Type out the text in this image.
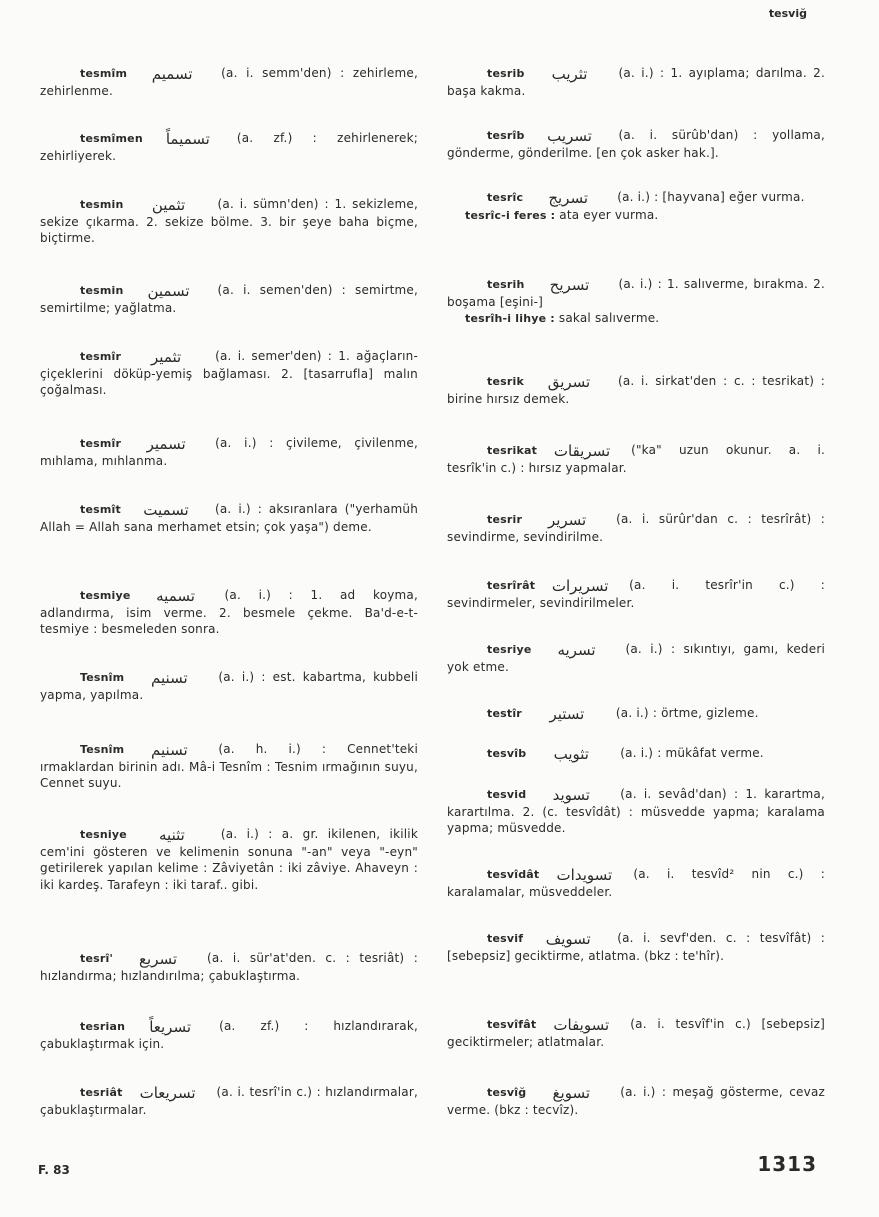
tesviğ
tesmîm تسميم (a. i. semm'den) : zehirleme, zehirlenme.
tesmîmen تسميماً (a. zf.) : zehirlenerek; zehirliyerek.
tesmin تثمين	(a. i. sümn'den) : 1. sekizleme, sekize çıkarma. 2. sekize bölme. 3. bir şeye baha biçme, biçtirme.
tesmin تسمين (a. i. semen'den) : semirtme, semirtilme; yağlatma.
tesmîr تثمير	(a. i. semer'den) : 1. ağaçların-çiçeklerini döküp-yemiş bağlaması. 2. [tasarrufla] malın çoğalması.
tesmîr تسمير (a. i.) : çivileme, çivilenme, mıhlama, mıhlanma.
tesmît تسميت (a. i.) : aksıranlara ("yerhamüh Allah = Allah sana merhamet etsin; çok yaşa") deme.
tesmiye تسميه (a. i.) : 1. ad koyma, adlandırma, isim verme. 2. besmele çekme. Ba'd-e-t-tesmiye : besmeleden sonra.
Tesnîm تسنيم	(a. i.) : est. kabartma, kubbeli yapma, yapılma.
Tesnîm تسنيم	(a. h. i.) : Cennet'teki ırmaklardan birinin adı. Mâ-i Tesnîm : Tesnim ırmağının suyu, Cennet suyu.
tesniye تثنيه	(a. i.) : a. gr. ikilenen, ikilik cem'ini gösteren ve kelimenin sonuna "-an" veya "-eyn" getirilerek yapılan kelime : Zâviyetân : iki zâviye. Ahaveyn : iki kardeş. Tarafeyn : iki taraf.. gibi.
tesrî' تسريع	(a. i. sür'at'den. c. : tesriât) : hızlandırma; hızlandırılma; çabuklaştırma.
tesrian تسريعاً (a. zf.) : hızlandırarak, çabuklaştırmak için.
tesriât تسريعات (a. i. tesrî'in c.) : hızlandırmalar, çabuklaştırmalar.
tesrib تثريب	(a. i.) : 1. ayıplama; darılma. 2. başa kakma.
tesrîb تسريب (a. i. sürûb'dan) : yollama, gönderme, gönderilme. [en çok asker hak.].
tesrîc تسريج (a. i.) : [hayvana] eğer vurma.
tesrîc-i feres : ata eyer vurma.
tesrih تسريح (a. i.) : 1. salıverme, bırakma. 2. boşama [eşini-]
tesrîh-i lihye : sakal salıverme.
tesrik تسريق (a. i. sirkat'den : c. : tesrikat) : birine hırsız demek.
tesrikat تسريقات ("ka" uzun okunur. a. i. tesrîk'in c.) : hırsız yapmalar.
tesrir تسرير (a. i. sürûr'dan c. : tesrîrât) : sevindirme, sevindirilme.
tesrîrât تسريرات (a. i. tesrîr'in c.) : sevindirmeler, sevindirilmeler.
tesriye تسريه (a. i.) : sıkıntıyı, gamı, kederi yok etme.
testîr تستير	(a. i.) : örtme, gizleme.
tesvîb تثويب	(a. i.) : mükâfat verme.
tesvid تسويد	(a. i. sevâd'dan) : 1. karartma, karartılma. 2. (c. tesvîdât) : müsvedde yapma; karalama yapma; müsvedde.
tesvîdât تسويدات (a. i. tesvîd² nin c.) : karalamalar, müsveddeler.
tesvif تسويف (a. i. sevf'den. c. : tesvîfât) : [sebepsiz] geciktirme, atlatma. (bkz : te'hîr).
tesvîfât تسويفات (a. i. tesvîf'in c.) [sebepsiz] geciktirmeler; atlatmalar.
tesvîğ تسويغ	(a. i.) : meşağ gösterme, cevaz verme. (bkz : tecvîz).
F. 83	1313
